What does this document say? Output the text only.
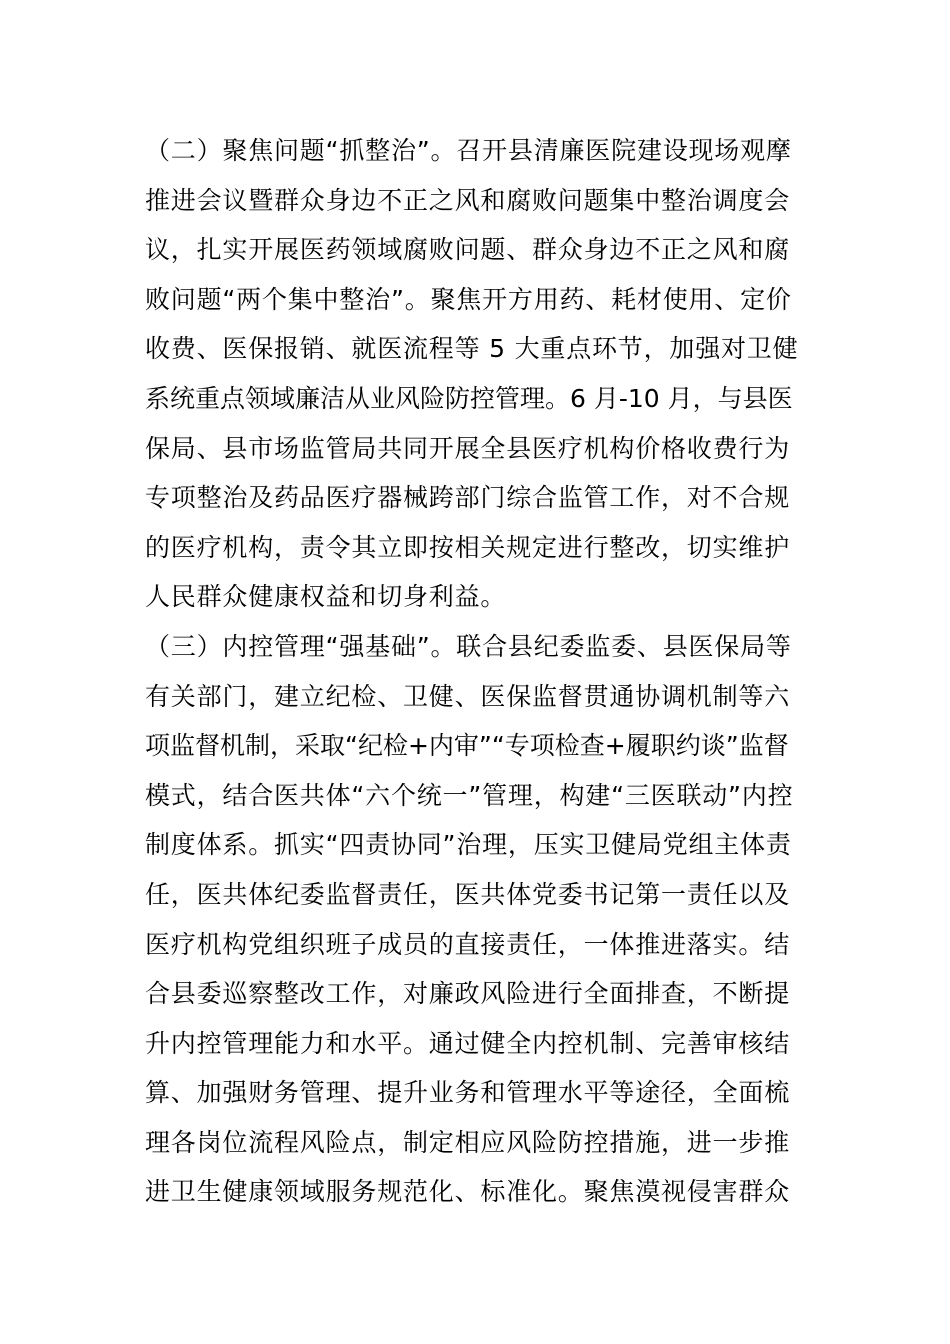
（二）聚焦问题“抓整治”。召开县清廉医院建设现场观摩
推进会议暨群众身边不正之风和腐败问题集中整治调度会
议，扎实开展医药领域腐败问题、群众身边不正之风和腐
败问题“两个集中整治”。聚焦开方用药、耗材使用、定价
收费、医保报销、就医流程等 5 大重点环节，加强对卫健
系统重点领域廉洁从业风险防控管理。6 月-10 月，与县医
保局、县市场监管局共同开展全县医疗机构价格收费行为
专项整治及药品医疗器械跨部门综合监管工作，对不合规
的医疗机构，责令其立即按相关规定进行整改，切实维护
人民群众健康权益和切身利益。
（三）内控管理“强基础”。联合县纪委监委、县医保局等
有关部门，建立纪检、卫健、医保监督贯通协调机制等六
项监督机制，采取“纪检+内审”“专项检查+履职约谈”监督
模式，结合医共体“六个统一”管理，构建“三医联动”内控
制度体系。抓实“四责协同”治理，压实卫健局党组主体责
任，医共体纪委监督责任，医共体党委书记第一责任以及
医疗机构党组织班子成员的直接责任，一体推进落实。结
合县委巡察整改工作，对廉政风险进行全面排查，不断提
升内控管理能力和水平。通过健全内控机制、完善审核结
算、加强财务管理、提升业务和管理水平等途径，全面梳
理各岗位流程风险点，制定相应风险防控措施，进一步推
进卫生健康领域服务规范化、标准化。聚焦漠视侵害群众
